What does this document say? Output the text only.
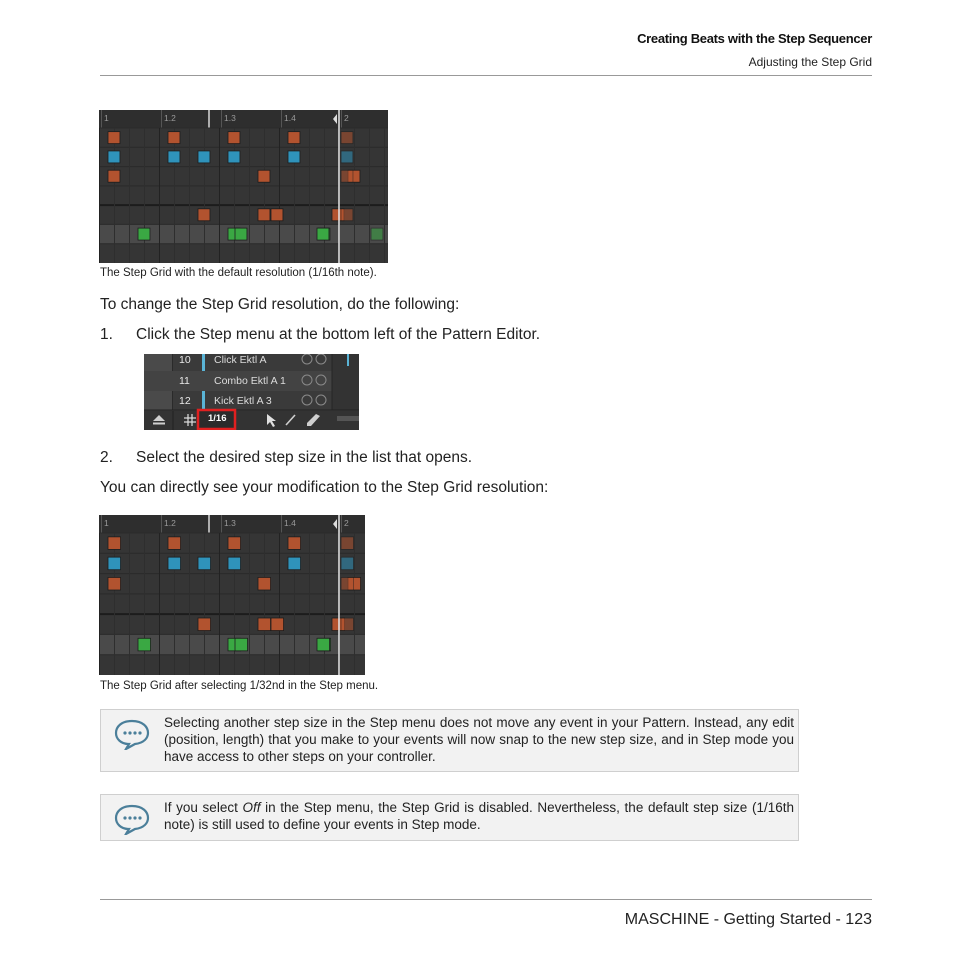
Creating Beats with the Step Sequencer
Adjusting the Step Grid
1	1.2	1.3	1.4	2
The Step Grid with the default resolution (1/16th note).
To change the Step Grid resolution, do the following:
1. Click the Step menu at the bottom left of the Pattern Editor.
10	Click Ektl A
11	Combo Ektl A 1
12	Kick Ektl A 3
1/16
2. Select the desired step size in the list that opens.
You can directly see your modification to the Step Grid resolution:
1	1.2	1.3	1.4	2
The Step Grid after selecting 1/32nd in the Step menu.
Selecting another step size in the Step menu does not move any event in your Pattern. Instead, any edit (position, length) that you make to your events will now snap to the new step size, and in Step mode you have access to other steps on your controller.
If you select Off in the Step menu, the Step Grid is disabled. Nevertheless, the default step size (1/16th note) is still used to define your events in Step mode.
MASCHINE - Getting Started - 123
